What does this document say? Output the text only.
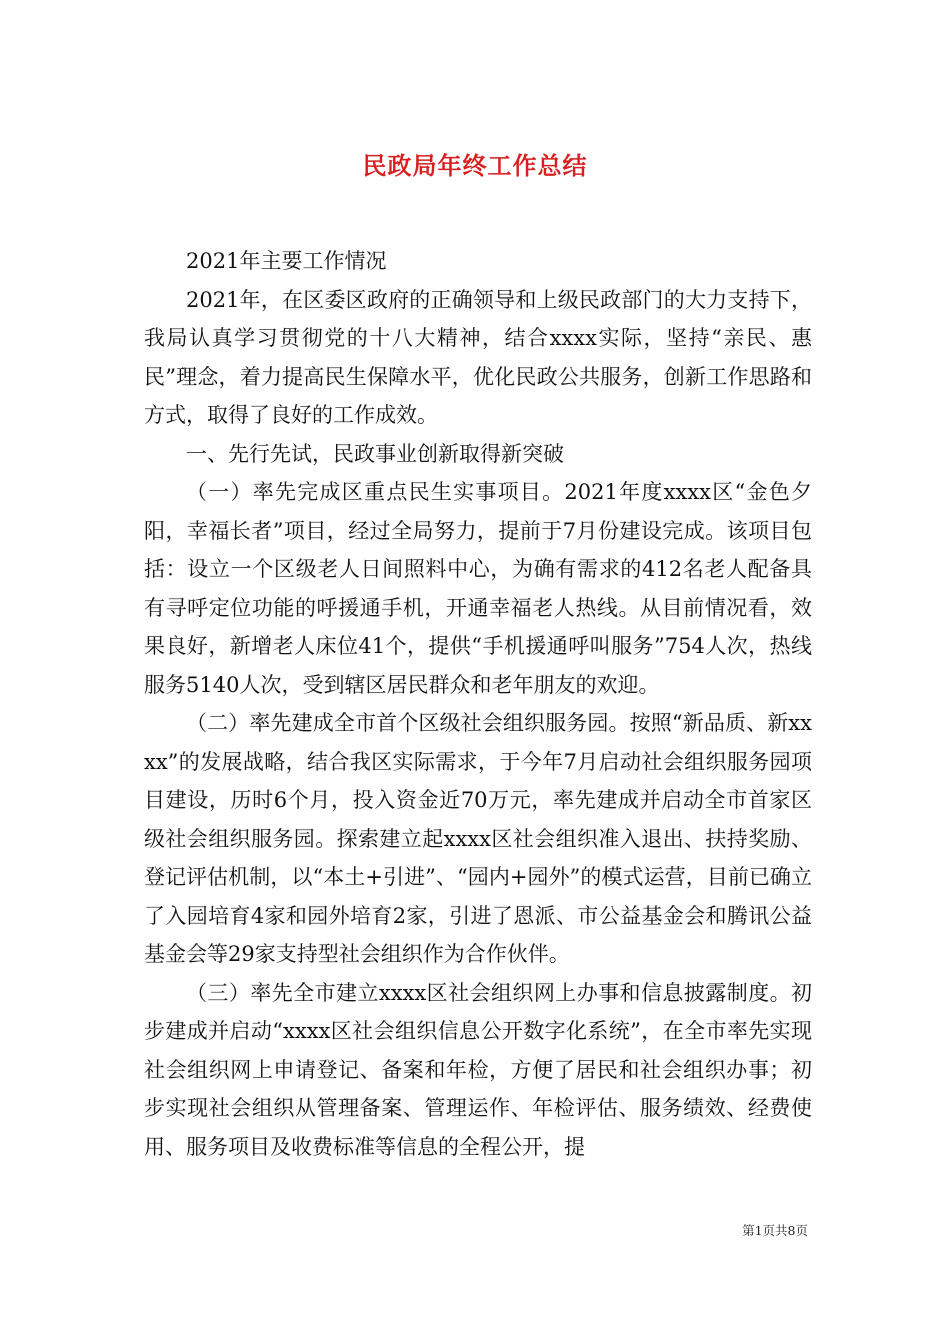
民政局年终工作总结

2021年主要工作情况

2021年，在区委区政府的正确领导和上级民政部门的大力支持下，我局认真学习贯彻党的十八大精神，结合xxxx实际，坚持“亲民、惠民”理念，着力提高民生保障水平，优化民政公共服务，创新工作思路和方式，取得了良好的工作成效。

一、先行先试，民政事业创新取得新突破

（一）率先完成区重点民生实事项目。2021年度xxxx区“金色夕阳，幸福长者”项目，经过全局努力，提前于7月份建设完成。该项目包括：设立一个区级老人日间照料中心，为确有需求的412名老人配备具有寻呼定位功能的呼援通手机，开通幸福老人热线。从目前情况看，效果良好，新增老人床位41个，提供“手机援通呼叫服务”754人次，热线服务5140人次，受到辖区居民群众和老年朋友的欢迎。

（二）率先建成全市首个区级社会组织服务园。按照“新品质、新xxxx”的发展战略，结合我区实际需求，于今年7月启动社会组织服务园项目建设，历时6个月，投入资金近70万元，率先建成并启动全市首家区级社会组织服务园。探索建立起xxxx区社会组织准入退出、扶持奖励、登记评估机制，以“本土+引进”、“园内+园外”的模式运营，目前已确立了入园培育4家和园外培育2家，引进了恩派、市公益基金会和腾讯公益基金会等29家支持型社会组织作为合作伙伴。

（三）率先全市建立xxxx区社会组织网上办事和信息披露制度。初步建成并启动“xxxx区社会组织信息公开数字化系统”，在全市率先实现社会组织网上申请登记、备案和年检，方便了居民和社会组织办事；初步实现社会组织从管理备案、管理运作、年检评估、服务绩效、经费使用、服务项目及收费标准等信息的全程公开，提

第1页共8页
